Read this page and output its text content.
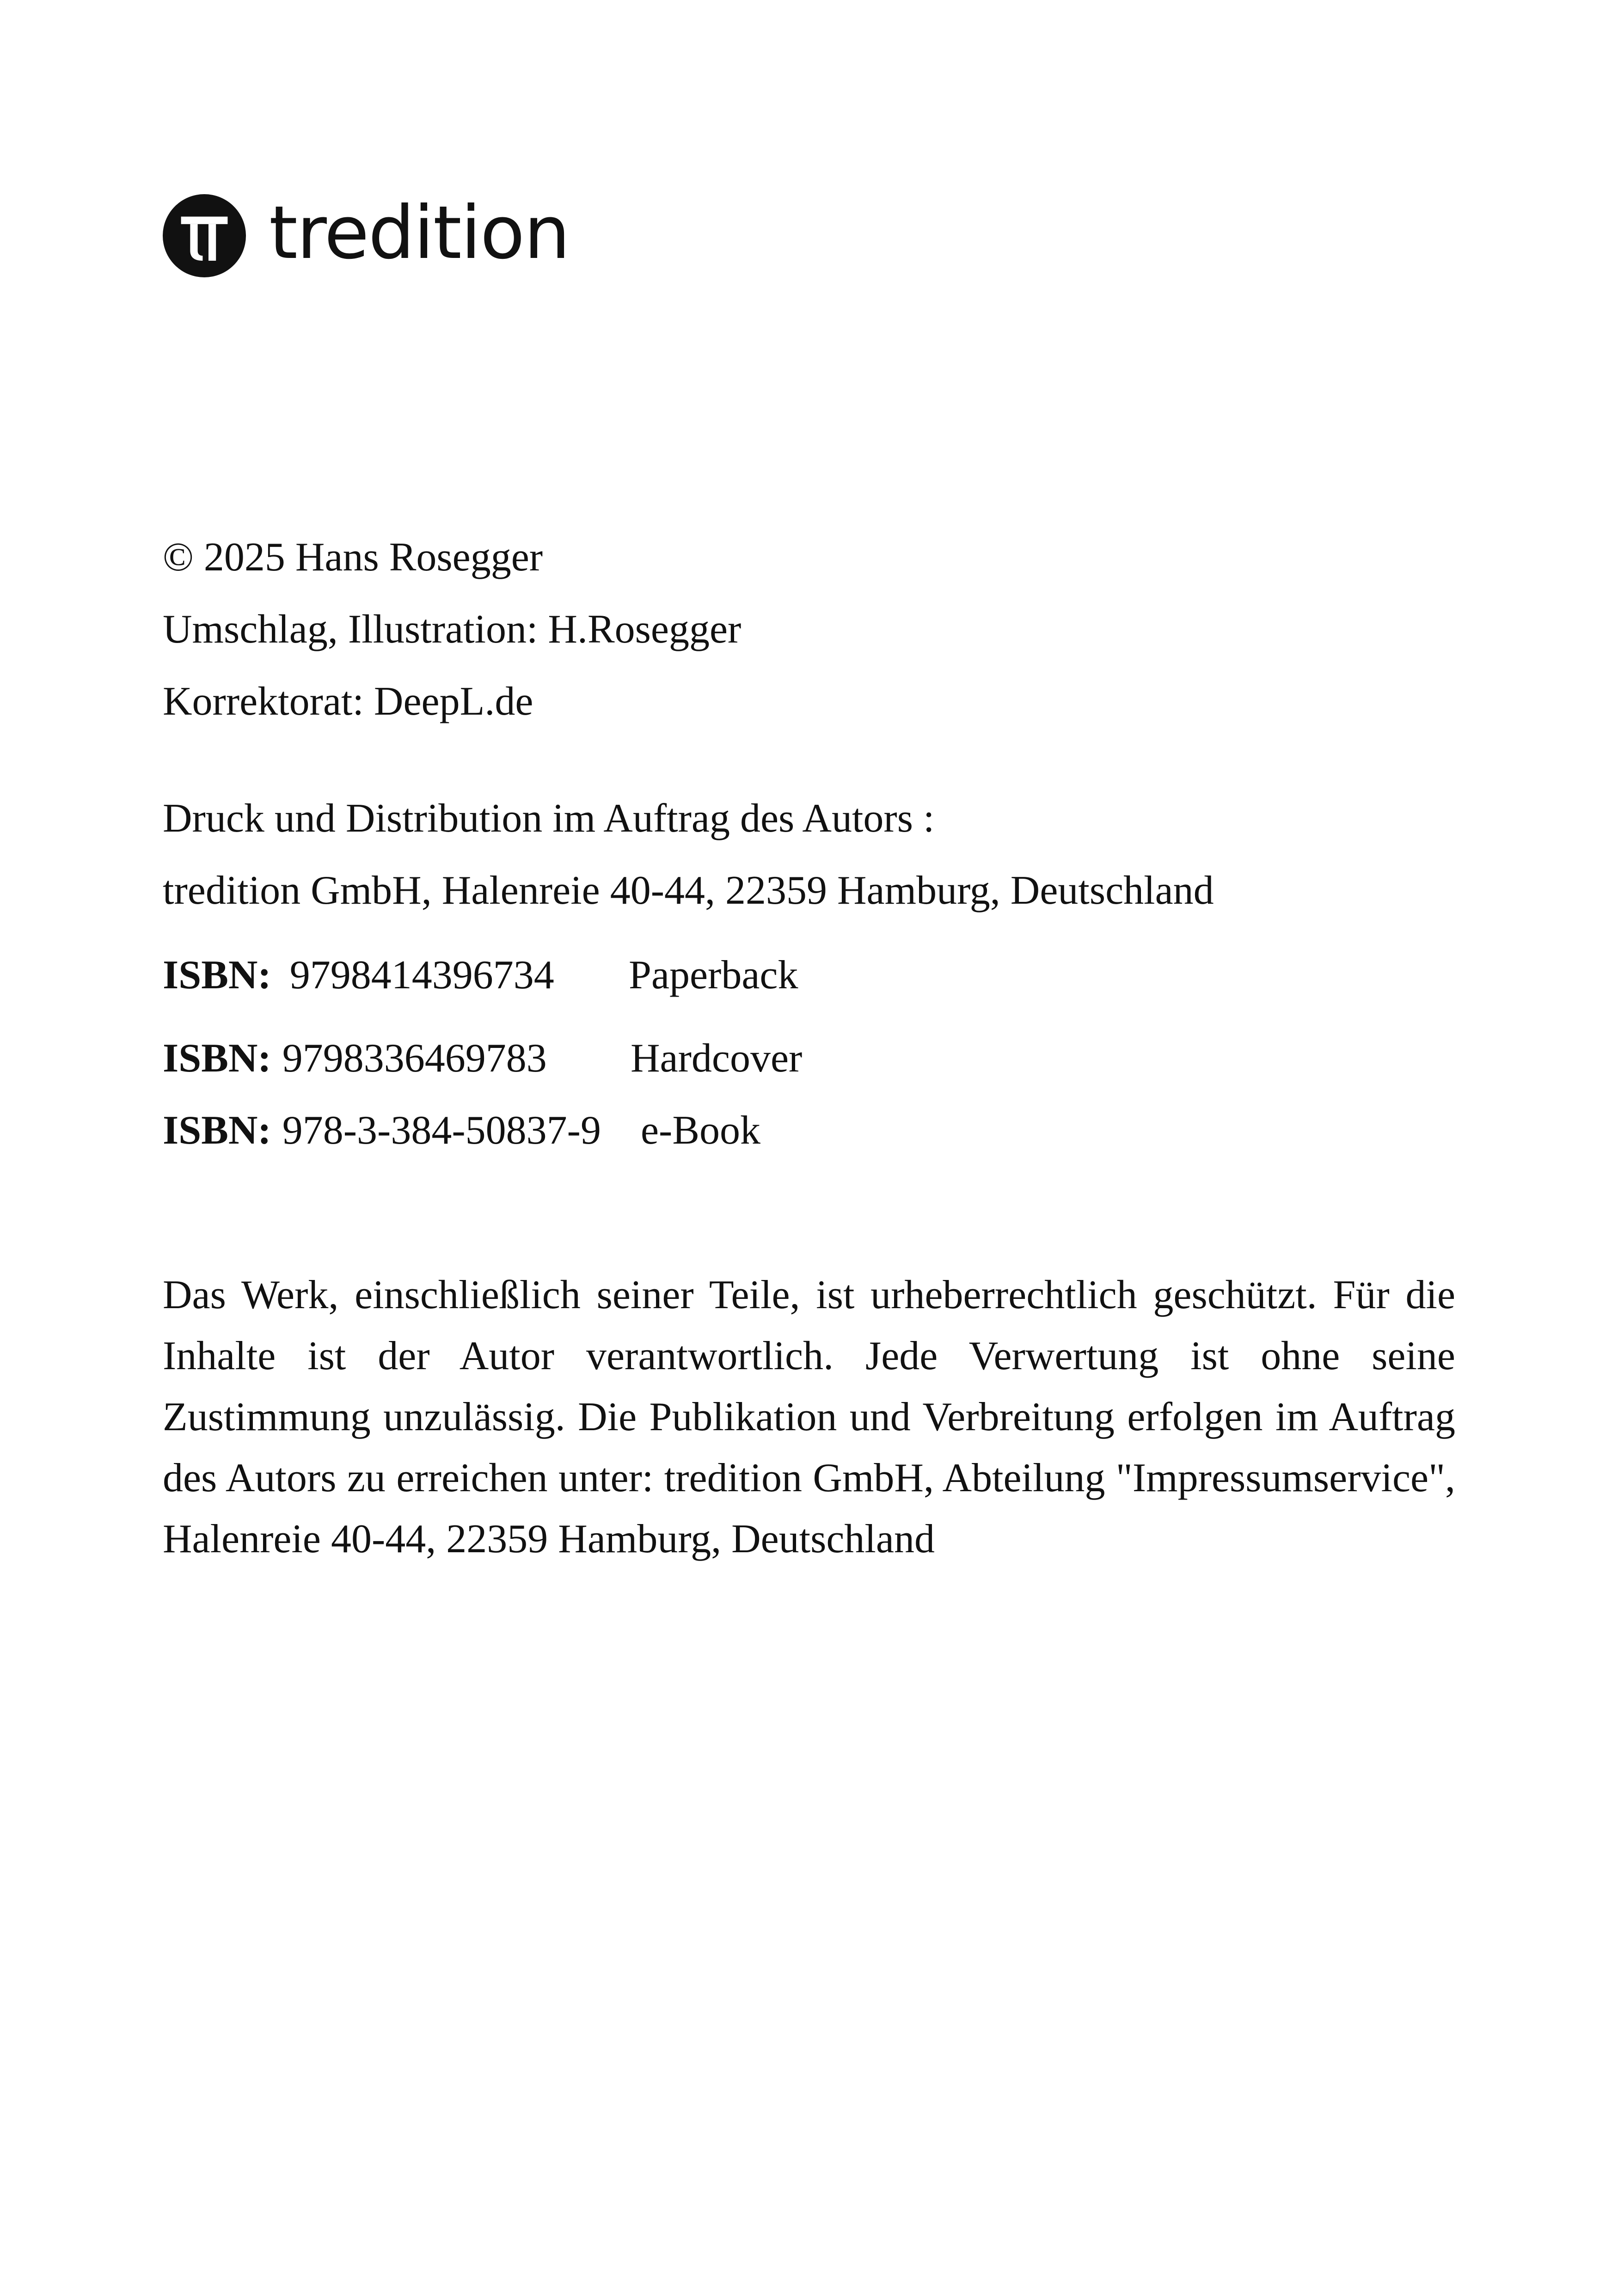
tredition
© 2025 Hans Rosegger
Umschlag, Illustration: H.Rosegger
Korrektorat: DeepL.de
Druck und Distribution im Auftrag des Autors :
tredition GmbH, Halenreie 40-44, 22359 Hamburg, Deutschland
ISBN: 9798414396734 Paperback
ISBN: 9798336469783 Hardcover
ISBN: 978-3-384-50837-9 e-Book

Das Werk, einschließlich seiner Teile, ist urheberrechtlich geschützt. Für die Inhalte ist der Autor verantwortlich. Jede Verwertung ist ohne seine Zustimmung unzulässig. Die Publikation und Verbreitung erfolgen im Auftrag des Autors zu erreichen unter: tredition GmbH, Abteilung "Impressumservice", Halenreie 40-44, 22359 Hamburg, Deutschland
